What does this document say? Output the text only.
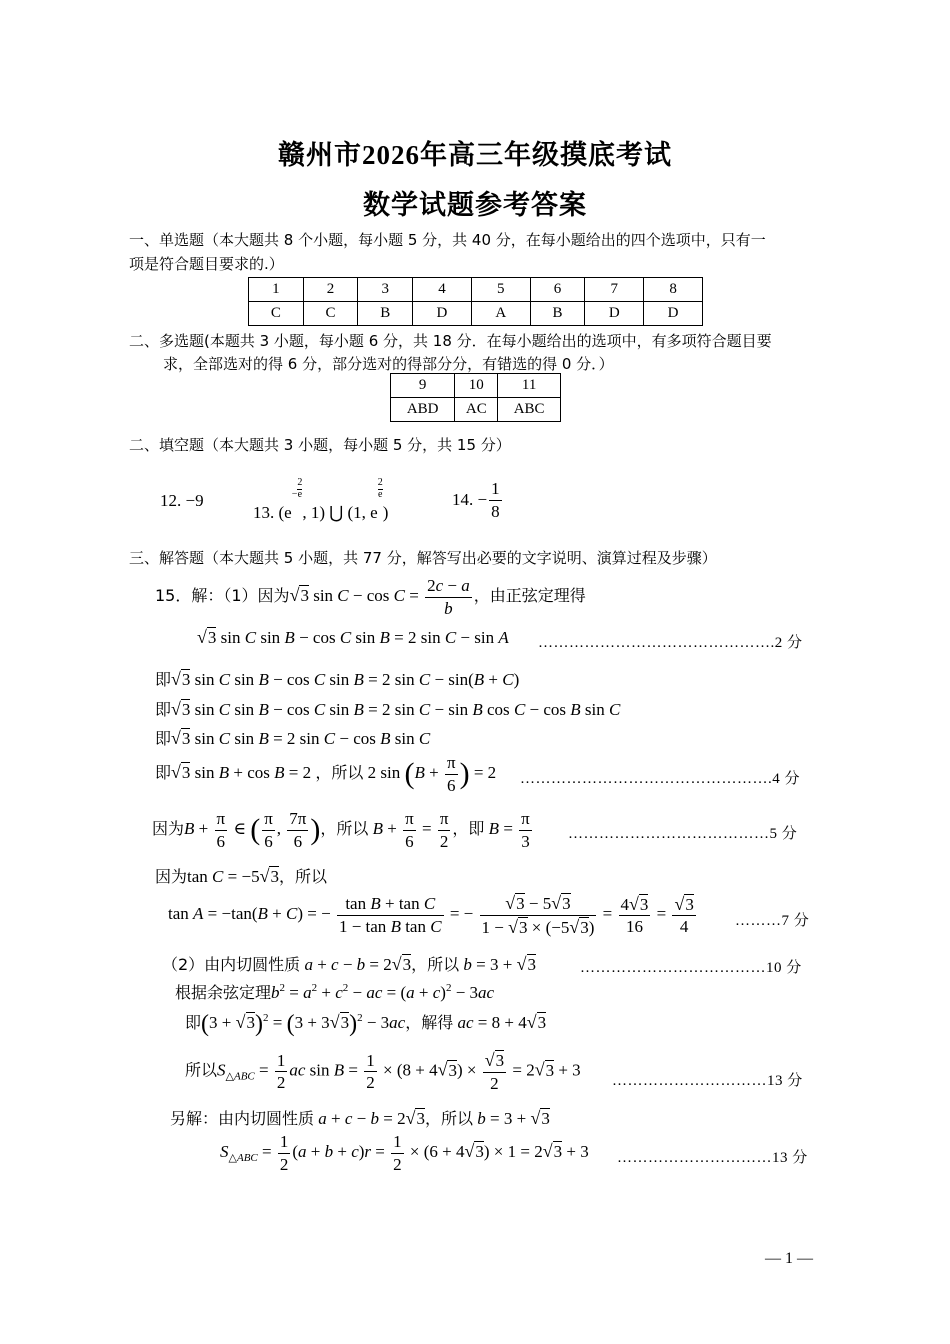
赣州市2026年高三年级摸底考试
数学试题参考答案
一、单选题（本大题共 8 个小题，每小题 5 分，共 40 分，在每小题给出的四个选项中，只有一
项是符合题目要求的.）
1	2	3	4	5	6	7	8
C	C	B	D	A	B	D	D
二、多选题(本题共 3 小题，每小题 6 分，共 18 分．在每小题给出的选项中，有多项符合题目要
求，全部选对的得 6 分，部分选对的得部分分，有错选的得 0 分．）
9	10	11
ABD	AC	ABC
二、填空题（本大题共 3 小题，每小题 5 分，共 15 分）
12. −9
13. ($e- \frac{2}{e}$
, 1) ⋃ (1, e
$\frac{2}{e}$
)
14. − $\frac{1}{8}$
三、解答题（本大题共 5 小题，共 77 分，解答写出必要的文字说明、演算过程及步骤）
15．解：（1）因为√3 $\sin C - \cos C = \frac{2c - a}{b}$ ，由正弦定理得
√3 sin C sin B − cos C sin B = 2 sin C − sin A ……………………………………….2 分
即√3 sin C sin B − cos C sin B = 2 sin C − sin(B + C)
即√3 sin C sin B − cos C sin B = 2 sin C − sin B cos C − cos B sin C
即√3 sin C sin B = 2 sin C − cos B sin C
即√3 sin B + cos B = 2 ，所以 2 $\sin (B + \frac{\pi}{6}$ ) = 2 ………………………………………….4 分
因为$B + \frac{\pi}{6}$ ∈ ( $\frac{\pi}{6}$ , $\frac{7\pi}{6}$ )，所以 $B + \frac{\pi}{6} = \frac{\pi}{2}$ ，即 $B = \frac{\pi}{3}$ …………………………………5 分
因为tan C = −5√3，所以
tan A = −tan(B + C) = − $\frac{\text{tan B + tan C}}{\text{1 − tan B tan C}}$ = − $\frac{√3 - 5√3}{1 - √3 \times (-5√3)} = \frac{4√3}{16} = \frac{√3}{4}$	………7 分
（2）由内切圆性质 a + c − b = 2√3，所以 b = 3 + √3	………………………………10 分
根据余弦定理$b^2 = a^2 + c^2$ − ac = $(a + c)^2 - 3ac$
即$(3 + √3)^2 = (3 + 3√3)^2 - 3ac$，解得 ac = 8 + 4√3
所以$S_{\triangle ABC} = \frac{1}{2}$ ac $\sin B = \frac{1}{2} \times (8 + 4√3) \times \frac{√3}{2} = 2√3 + 3$
…………………………13 分
另解：由内切圆性质 a + c − b = 2√3，所以 b = 3 + √3
$S_{\triangle ABC} = \frac{1}{2} (a + b + c)r = \frac{1}{2} \times (6 + 4√3) \times 1 = 2√3 + 3$ …………………………13 分
— 1 —
